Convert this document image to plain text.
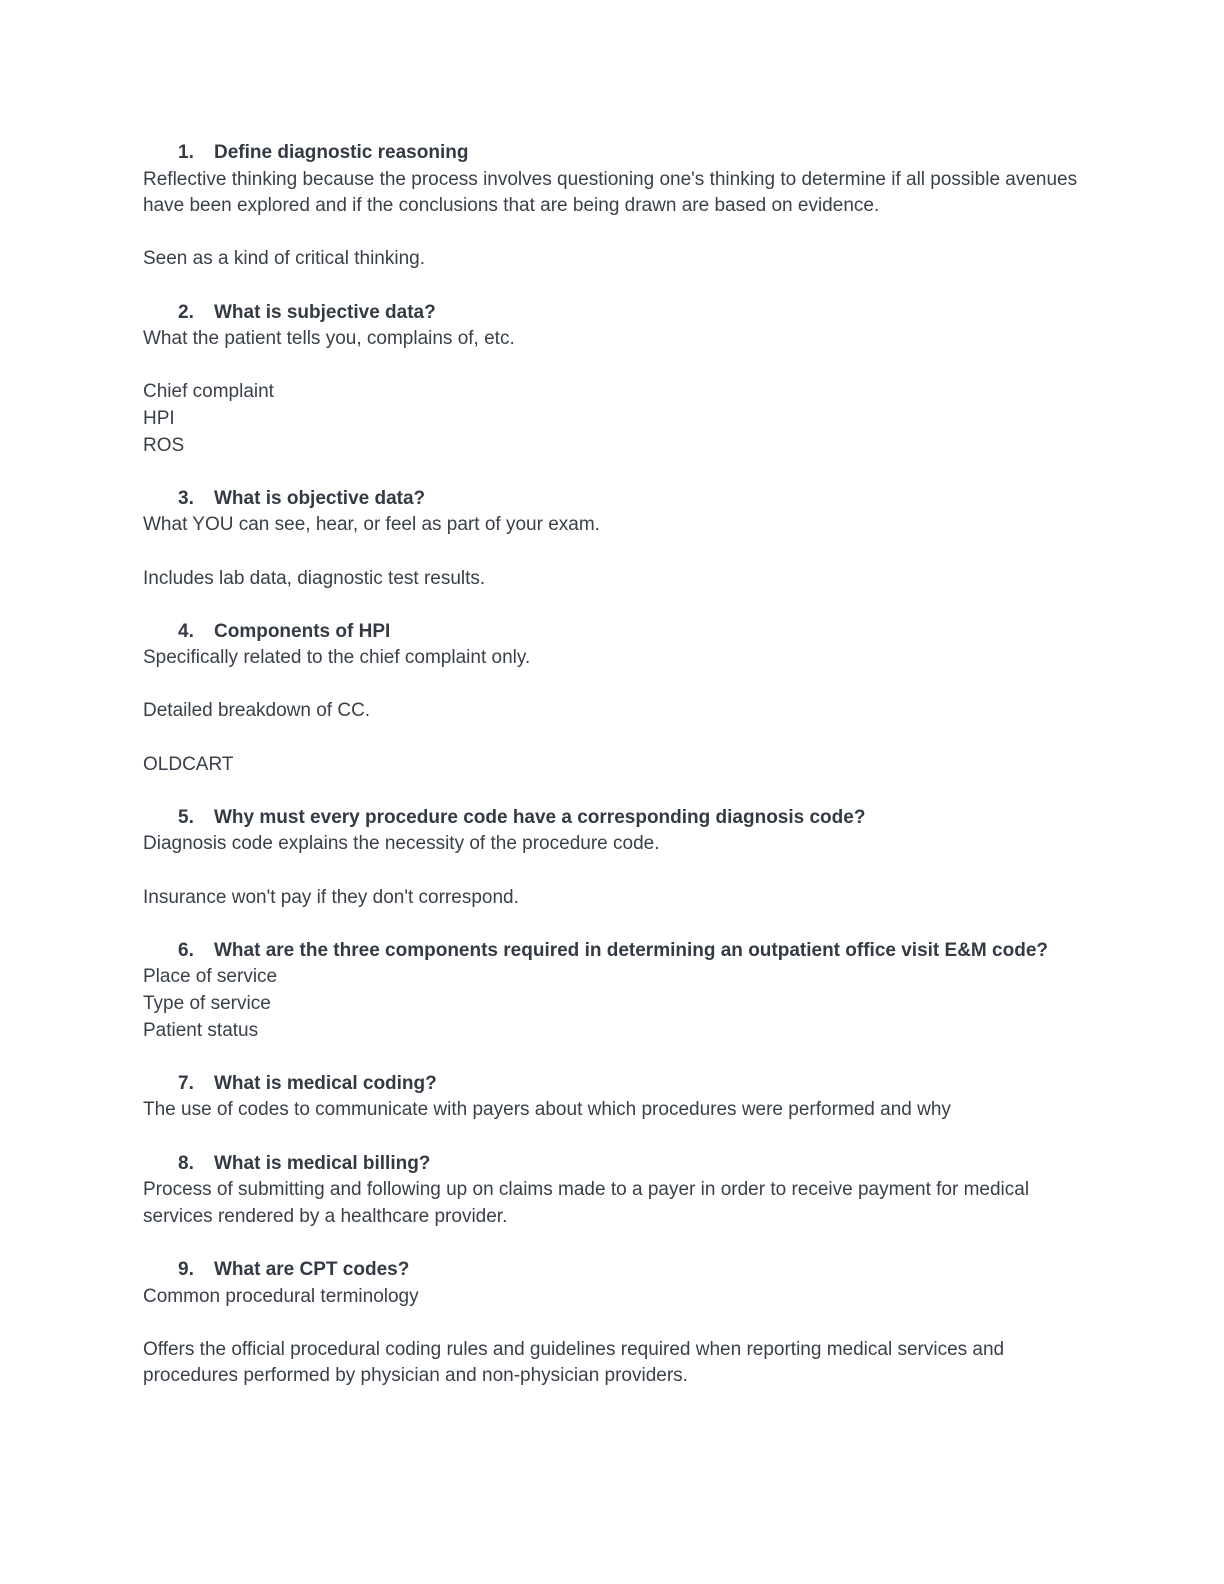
1. Define diagnostic reasoning
Reflective thinking because the process involves questioning one's thinking to determine if all possible avenues have been explored and if the conclusions that are being drawn are based on evidence.
Seen as a kind of critical thinking.
2. What is subjective data?
What the patient tells you, complains of, etc.
Chief complaint
HPI
ROS
3. What is objective data?
What YOU can see, hear, or feel as part of your exam.
Includes lab data, diagnostic test results.
4. Components of HPI
Specifically related to the chief complaint only.
Detailed breakdown of CC.
OLDCART
5. Why must every procedure code have a corresponding diagnosis code?
Diagnosis code explains the necessity of the procedure code.
Insurance won't pay if they don't correspond.
6. What are the three components required in determining an outpatient office visit E&M code?
Place of service
Type of service
Patient status
7. What is medical coding?
The use of codes to communicate with payers about which procedures were performed and why
8. What is medical billing?
Process of submitting and following up on claims made to a payer in order to receive payment for medical services rendered by a healthcare provider.
9. What are CPT codes?
Common procedural terminology
Offers the official procedural coding rules and guidelines required when reporting medical services and procedures performed by physician and non-physician providers.
